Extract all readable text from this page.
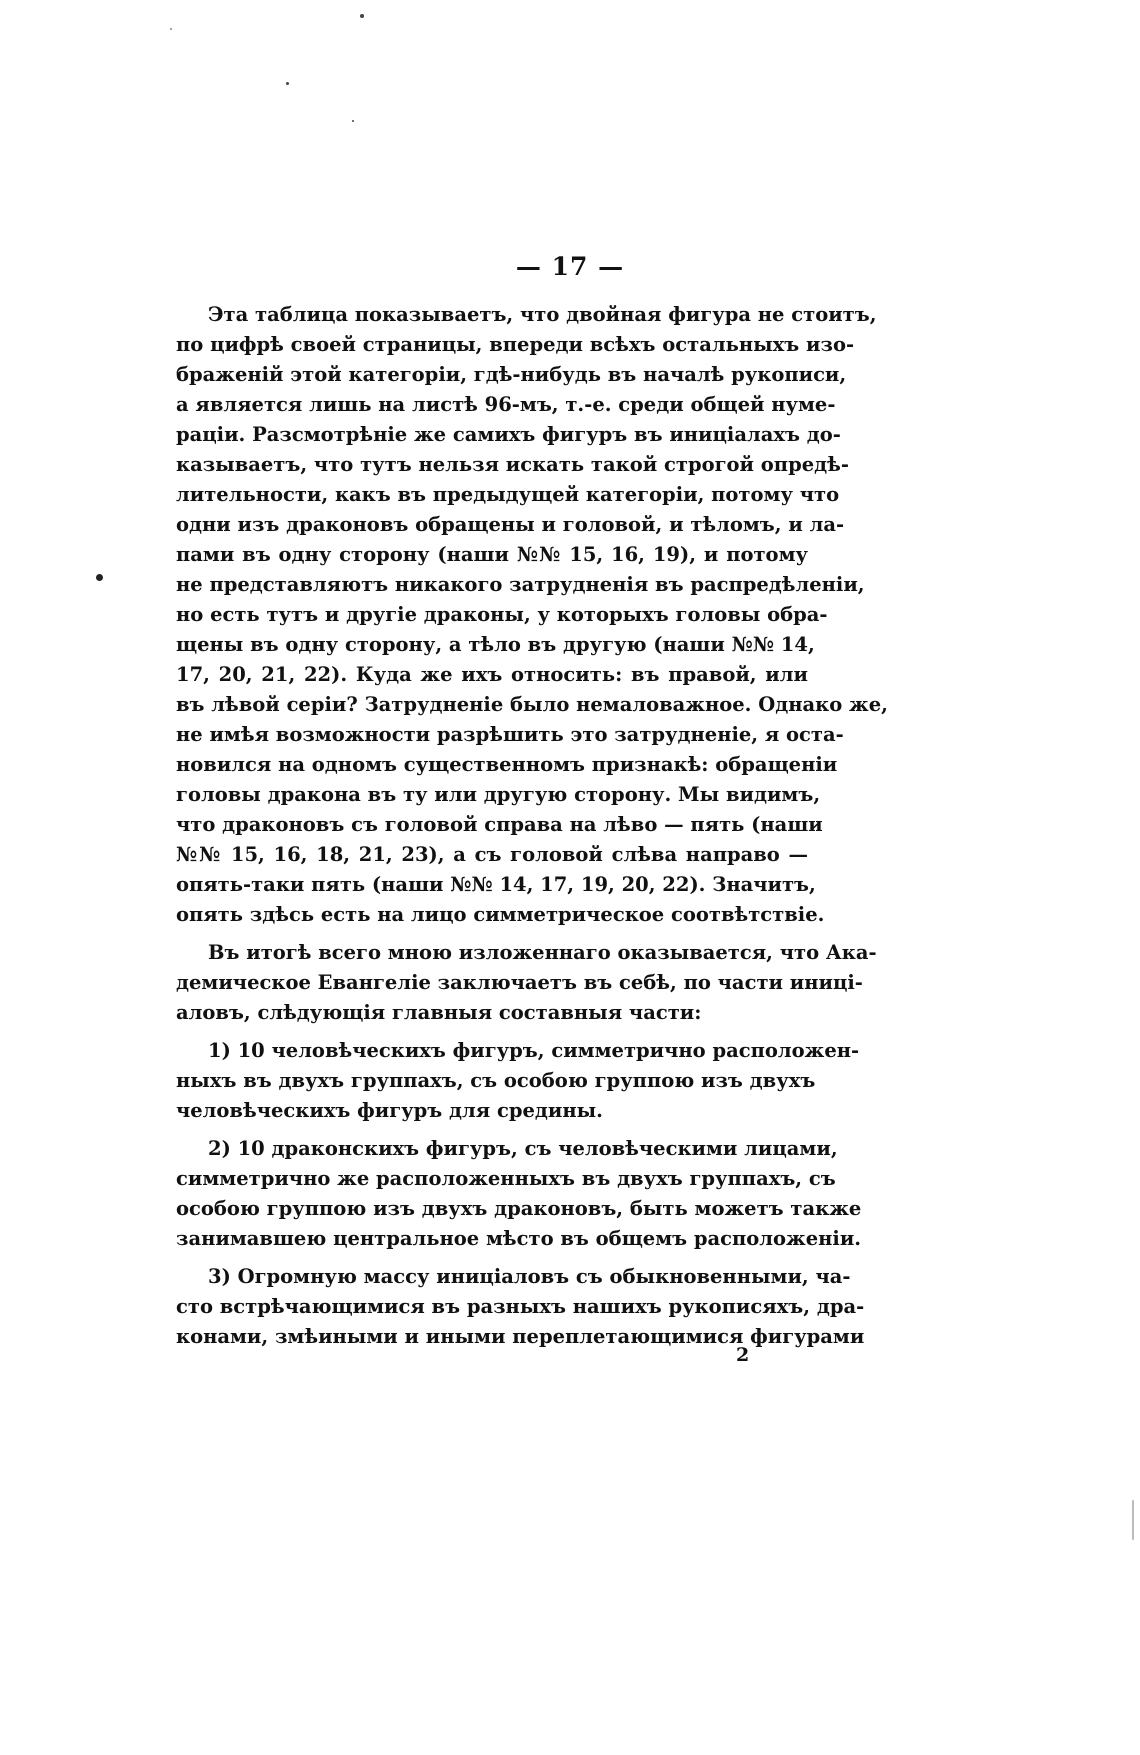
— 17 —
Эта таблица показываетъ, что двойная фигура не стоитъ,
по цифрѣ своей страницы, впереди всѣхъ остальныхъ изо-
браженій этой категоріи, гдѣ-нибудь въ началѣ рукописи,
а является лишь на листѣ 96-мъ, т.-е. среди общей нуме-
раціи. Разсмотрѣніе же самихъ фигуръ въ иниціалахъ до-
казываетъ, что тутъ нельзя искать такой строгой опредѣ-
лительности, какъ въ предыдущей категоріи, потому что
одни изъ драконовъ обращены и головой, и тѣломъ, и ла-
пами въ одну сторону (наши №№ 15, 16, 19), и потому
не представляютъ никакого затрудненія въ распредѣленіи,
но есть тутъ и другіе драконы, у которыхъ головы обра-
щены въ одну сторону, а тѣло въ другую (наши №№ 14,
17, 20, 21, 22). Куда же ихъ относить: въ правой, или
въ лѣвой серіи? Затрудненіе было немаловажное. Однако же,
не имѣя возможности разрѣшить это затрудненіе, я оста-
новился на одномъ существенномъ признакѣ: обращеніи
головы дракона въ ту или другую сторону. Мы видимъ,
что драконовъ съ головой справа на лѣво — пять (наши
№№ 15, 16, 18, 21, 23), а съ головой слѣва направо —
опять-таки пять (наши №№ 14, 17, 19, 20, 22). Значитъ,
опять здѣсь есть на лицо симметрическое соотвѣтствіе.
Въ итогѣ всего мною изложеннаго оказывается, что Ака-
демическое Евангеліе заключаетъ въ себѣ, по части иниці-
аловъ, слѣдующія главныя составныя части:
1) 10 человѣческихъ фигуръ, симметрично расположен-
ныхъ въ двухъ группахъ, съ особою группою изъ двухъ
человѣческихъ фигуръ для средины.
2) 10 драконскихъ фигуръ, съ человѣческими лицами,
симметрично же расположенныхъ въ двухъ группахъ, съ
особою группою изъ двухъ драконовъ, быть можетъ также
занимавшею центральное мѣсто въ общемъ расположеніи.
3) Огромную массу иниціаловъ съ обыкновенными, ча-
сто встрѣчающимися въ разныхъ нашихъ рукописяхъ, дра-
конами, змѣиными и иными переплетающимися фигурами
2
